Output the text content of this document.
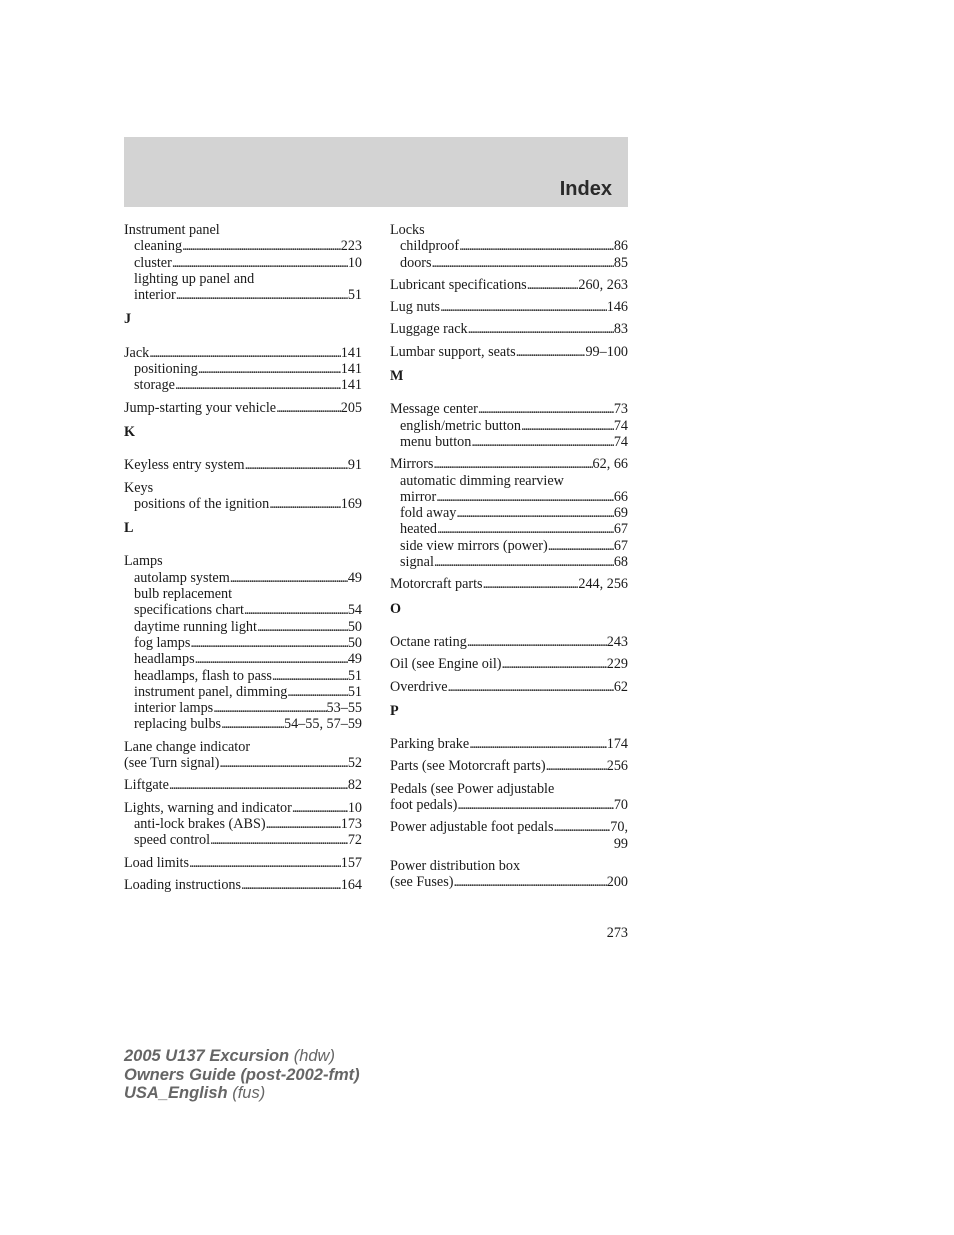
Index
Instrument panel
cleaning . . .	223
cluster . . .	10
lighting up panel and
interior . . .	51
J
Jack . . .	141
positioning . . .	141
storage . . .	141
Jump-starting your vehicle . . .	205
K
Keyless entry system . . .	91
Keys
positions of the ignition . . .	169
L
Lamps
autolamp system . . .	49
bulb replacement
specifications chart . . .	54
daytime running light . . .	50
fog lamps . . .	50
headlamps . . .	49
headlamps, flash to pass . . .	51
instrument panel, dimming . . .	51
interior lamps . . .	53–55
replacing bulbs . . .	54–55, 57–59
Lane change indicator
(see Turn signal) . . .	52
Liftgate . . .	82
Lights, warning and indicator . . .	10
anti-lock brakes (ABS) . . .	173
speed control . . .	72
Load limits . . .	157
Loading instructions . . .	164
Locks
childproof . . .	86
doors . . .	85
Lubricant specifications . . .	260, 263
Lug nuts . . .	146
Luggage rack . . .	83
Lumbar support, seats . . .	99–100
M
Message center . . .	73
english/metric button . . .	74
menu button . . .	74
Mirrors . . .	62, 66
automatic dimming rearview
mirror . . .	66
fold away . . .	69
heated . . .	67
side view mirrors (power) . . .	67
signal . . .	68
Motorcraft parts . . .	244, 256
O
Octane rating . . .	243
Oil (see Engine oil) . . .	229
Overdrive . . .	62
P
Parking brake . . .	174
Parts (see Motorcraft parts) . . .	256
Pedals (see Power adjustable
foot pedals) . . .	70
Power adjustable foot pedals . . .	70,
99
Power distribution box
(see Fuses) . . .	200
273
2005 U137 Excursion (hdw)
Owners Guide (post-2002-fmt)
USA_English (fus)
